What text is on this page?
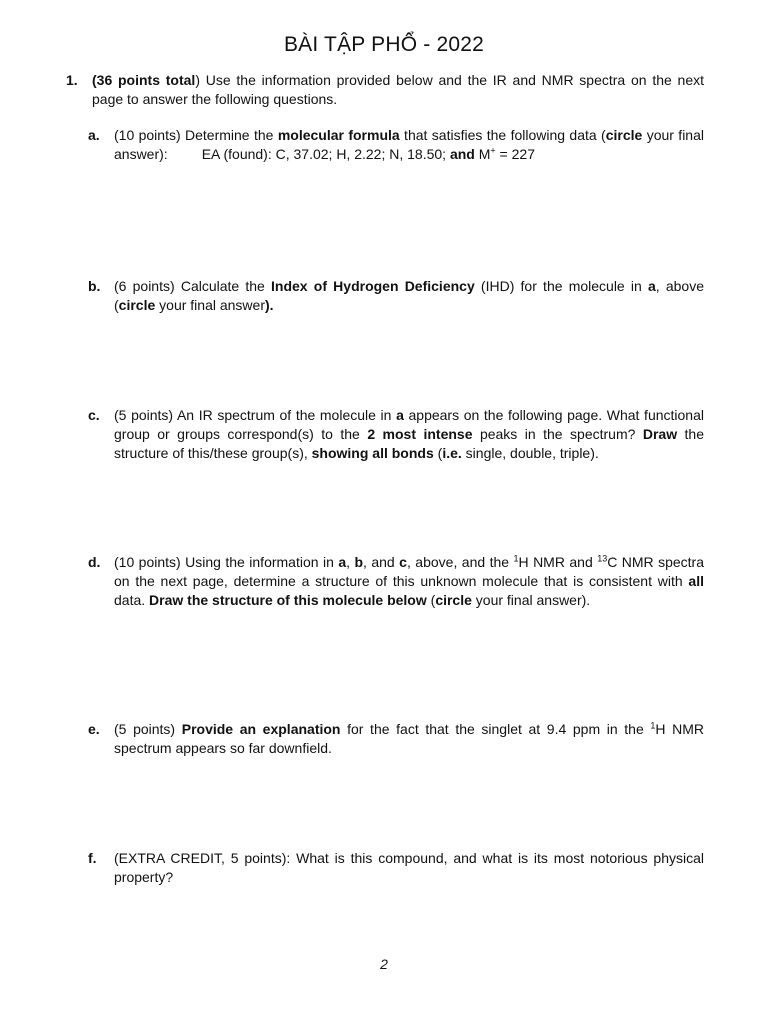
BÀI TẬP PHỔ - 2022
1. (36 points total) Use the information provided below and the IR and NMR spectra on the next page to answer the following questions.
a. (10 points) Determine the molecular formula that satisfies the following data (circle your final answer): EA (found): C, 37.02; H, 2.22; N, 18.50; and M+ = 227
b. (6 points) Calculate the Index of Hydrogen Deficiency (IHD) for the molecule in a, above (circle your final answer).
c. (5 points) An IR spectrum of the molecule in a appears on the following page. What functional group or groups correspond(s) to the 2 most intense peaks in the spectrum? Draw the structure of this/these group(s), showing all bonds (i.e. single, double, triple).
d. (10 points) Using the information in a, b, and c, above, and the $^1$H NMR and $^{13}$C NMR spectra on the next page, determine a structure of this unknown molecule that is consistent with all data. Draw the structure of this molecule below (circle your final answer).
e. (5 points) Provide an explanation for the fact that the singlet at 9.4 ppm in the $^1$H NMR spectrum appears so far downfield.
f. (EXTRA CREDIT, 5 points): What is this compound, and what is its most notorious physical property?
2
